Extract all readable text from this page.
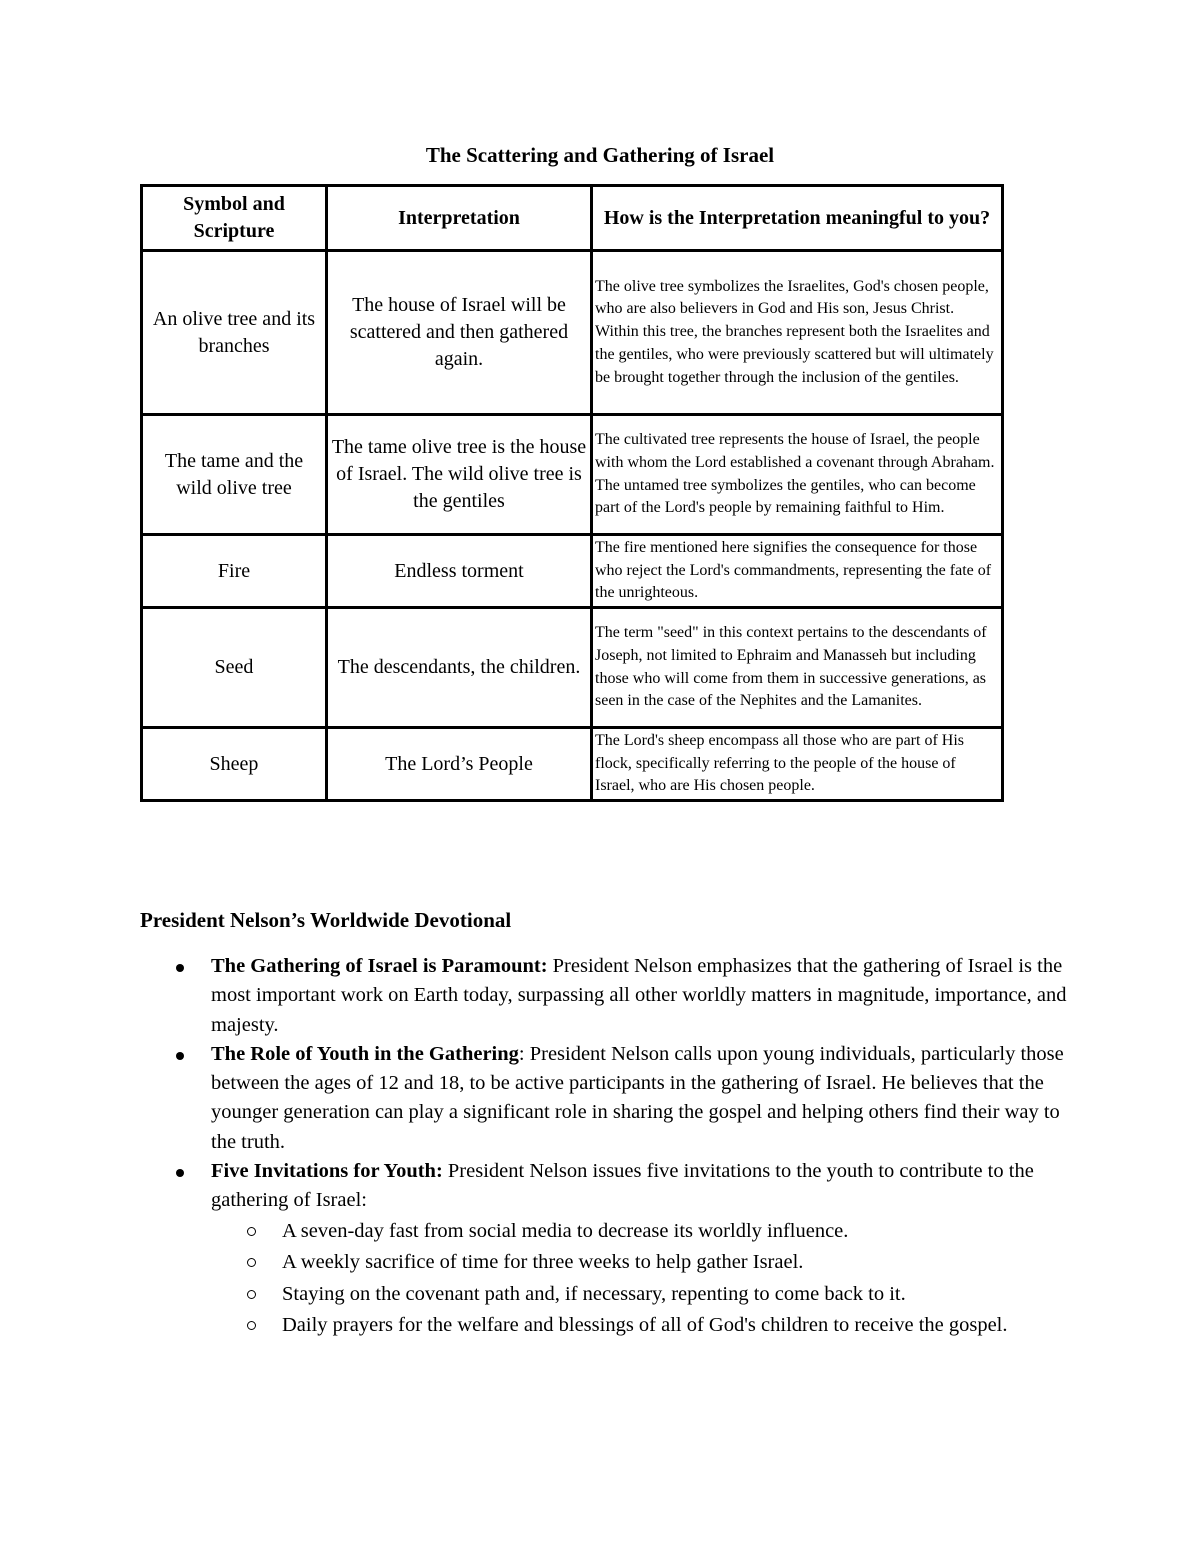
The Scattering and Gathering of Israel
Symbol and Scripture	Interpretation	How is the Interpretation meaningful to you?
An olive tree and its branches	The house of Israel will be scattered and then gathered again.	The olive tree symbolizes the Israelites, God's chosen people, who are also believers in God and His son, Jesus Christ. Within this tree, the branches represent both the Israelites and the gentiles, who were previously scattered but will ultimately be brought together through the inclusion of the gentiles.
The tame and the wild olive tree	The tame olive tree is the house of Israel. The wild olive tree is the gentiles	The cultivated tree represents the house of Israel, the people with whom the Lord established a covenant through Abraham. The untamed tree symbolizes the gentiles, who can become part of the Lord's people by remaining faithful to Him.
Fire	Endless torment	The fire mentioned here signifies the consequence for those who reject the Lord's commandments, representing the fate of the unrighteous.
Seed	The descendants, the children.	The term "seed" in this context pertains to the descendants of Joseph, not limited to Ephraim and Manasseh but including those who will come from them in successive generations, as seen in the case of the Nephites and the Lamanites.
Sheep	The Lord’s People	The Lord's sheep encompass all those who are part of His flock, specifically referring to the people of the house of Israel, who are His chosen people.
President Nelson’s Worldwide Devotional
The Gathering of Israel is Paramount: President Nelson emphasizes that the gathering of Israel is the most important work on Earth today, surpassing all other worldly matters in magnitude, importance, and majesty.
The Role of Youth in the Gathering: President Nelson calls upon young individuals, particularly those between the ages of 12 and 18, to be active participants in the gathering of Israel. He believes that the younger generation can play a significant role in sharing the gospel and helping others find their way to the truth.
Five Invitations for Youth: President Nelson issues five invitations to the youth to contribute to the gathering of Israel:
A seven-day fast from social media to decrease its worldly influence.
A weekly sacrifice of time for three weeks to help gather Israel.
Staying on the covenant path and, if necessary, repenting to come back to it.
Daily prayers for the welfare and blessings of all of God's children to receive the gospel.
